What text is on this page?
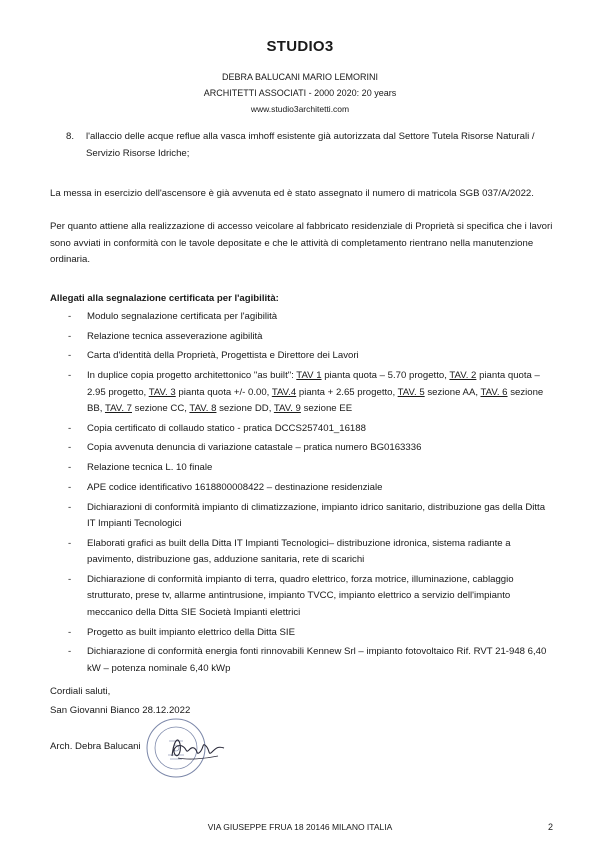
STUDIO3
DEBRA BALUCANI MARIO LEMORINI
ARCHITETTI ASSOCIATI - 2000 2020: 20 years
www.studio3architetti.com
8. l'allaccio delle acque reflue alla vasca imhoff esistente già autorizzata dal Settore Tutela Risorse Naturali / Servizio Risorse Idriche;
La messa in esercizio dell'ascensore è già avvenuta ed è stato assegnato il numero di matricola SGB 037/A/2022.
Per quanto attiene alla realizzazione di accesso veicolare al fabbricato residenziale di Proprietà si specifica che i lavori sono avviati in conformità con le tavole depositate e che le attività di completamento rientrano nella manutenzione ordinaria.
Allegati alla segnalazione certificata per l'agibilità:
- Modulo segnalazione certificata per l'agibilità
- Relazione tecnica asseverazione agibilità
- Carta d'identità della Proprietà, Progettista e Direttore dei Lavori
- In duplice copia progetto architettonico "as built": TAV 1 pianta quota – 5.70 progetto, TAV. 2 pianta quota – 2.95 progetto, TAV. 3 pianta quota +/- 0.00, TAV.4 pianta + 2.65 progetto, TAV. 5 sezione AA, TAV. 6 sezione BB, TAV. 7 sezione CC, TAV. 8 sezione DD, TAV. 9 sezione EE
- Copia certificato di collaudo statico - pratica DCCS257401_16188
- Copia avvenuta denuncia di variazione catastale – pratica numero BG0163336
- Relazione tecnica L. 10 finale
- APE codice identificativo 1618800008422 – destinazione residenziale
- Dichiarazioni di conformità impianto di climatizzazione, impianto idrico sanitario, distribuzione gas della Ditta IT Impianti Tecnologici
- Elaborati grafici as built della Ditta IT Impianti Tecnologici– distribuzione idronica, sistema radiante a pavimento, distribuzione gas, adduzione sanitaria, rete di scarichi
- Dichiarazione di conformità impianto di terra, quadro elettrico, forza motrice, illuminazione, cablaggio strutturato, prese tv, allarme antintrusione, impianto TVCC, impianto elettrico a servizio dell'impianto meccanico della Ditta SIE Società Impianti elettrici
- Progetto as built impianto elettrico della Ditta SIE
- Dichiarazione di conformità energia fonti rinnovabili Kennew Srl – impianto fotovoltaico Rif. RVT 21-948 6,40 kW – potenza nominale 6,40 kWp
Cordiali saluti,
San Giovanni Bianco 28.12.2022
Arch. Debra Balucani
VIA GIUSEPPE FRUA 18 20146 MILANO ITALIA	2
